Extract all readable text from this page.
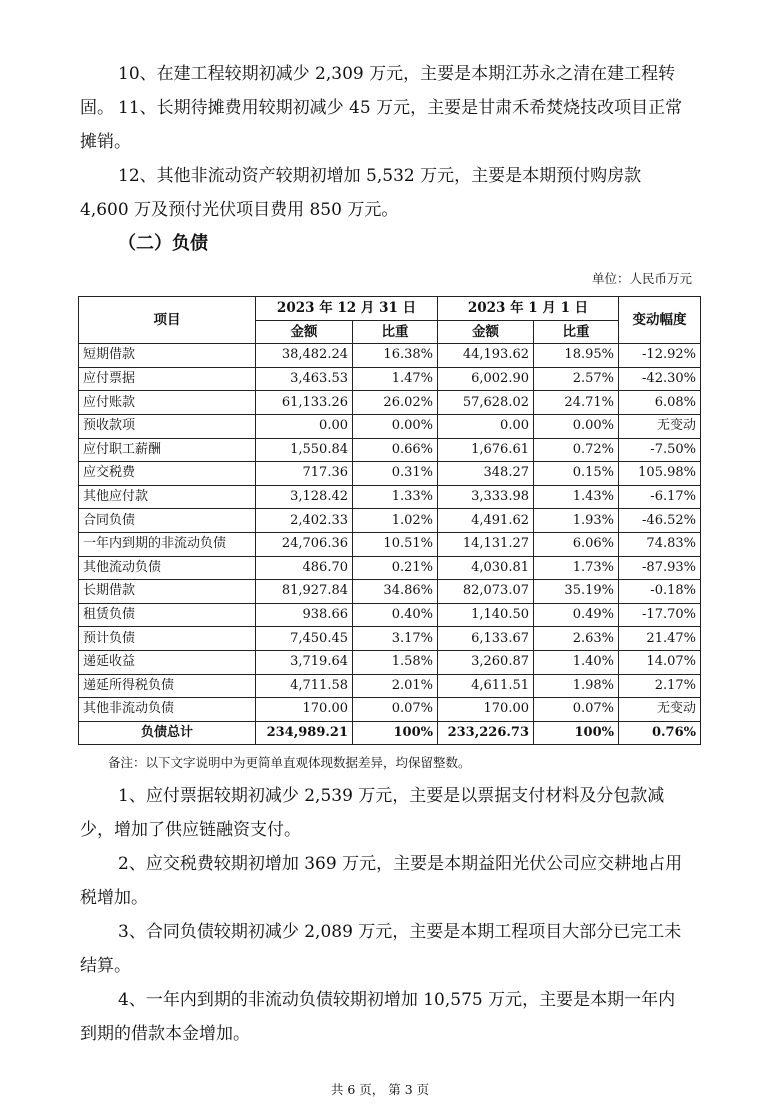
10、在建工程较期初减少 2,309 万元，主要是本期江苏永之清在建工程转固。 11、长期待摊费用较期初减少 45 万元，主要是甘肃禾希焚烧技改项目正常摊销。

12、其他非流动资产较期初增加 5,532 万元，主要是本期预付购房款 4,600 万及预付光伏项目费用 850 万元。

（二）负债

单位：人民币万元
项目	2023 年 12 月 31 日		2023 年 1 月 1 日		变动幅度
	金额	比重	金额	比重	
短期借款	38,482.24	16.38%	44,193.62	18.95%	-12.92%
应付票据	3,463.53	1.47%	6,002.90	2.57%	-42.30%
应付账款	61,133.26	26.02%	57,628.02	24.71%	6.08%
预收款项	0.00	0.00%	0.00	0.00%	无变动
应付职工薪酬	1,550.84	0.66%	1,676.61	0.72%	-7.50%
应交税费	717.36	0.31%	348.27	0.15%	105.98%
其他应付款	3,128.42	1.33%	3,333.98	1.43%	-6.17%
合同负债	2,402.33	1.02%	4,491.62	1.93%	-46.52%
一年内到期的非流动负债	24,706.36	10.51%	14,131.27	6.06%	74.83%
其他流动负债	486.70	0.21%	4,030.81	1.73%	-87.93%
长期借款	81,927.84	34.86%	82,073.07	35.19%	-0.18%
租赁负债	938.66	0.40%	1,140.50	0.49%	-17.70%
预计负债	7,450.45	3.17%	6,133.67	2.63%	21.47%
递延收益	3,719.64	1.58%	3,260.87	1.40%	14.07%
递延所得税负债	4,711.58	2.01%	4,611.51	1.98%	2.17%
其他非流动负债	170.00	0.07%	170.00	0.07%	无变动
负债总计	234,989.21	100%	233,226.73	100%	0.76%
备注：以下文字说明中为更简单直观体现数据差异，均保留整数。

1、应付票据较期初减少 2,539 万元，主要是以票据支付材料及分包款减少，增加了供应链融资支付。

2、应交税费较期初增加 369 万元，主要是本期益阳光伏公司应交耕地占用税增加。

3、合同负债较期初减少 2,089 万元，主要是本期工程项目大部分已完工未结算。

4、一年内到期的非流动负债较期初增加 10,575 万元，主要是本期一年内到期的借款本金增加。

共 6 页， 第 3 页
